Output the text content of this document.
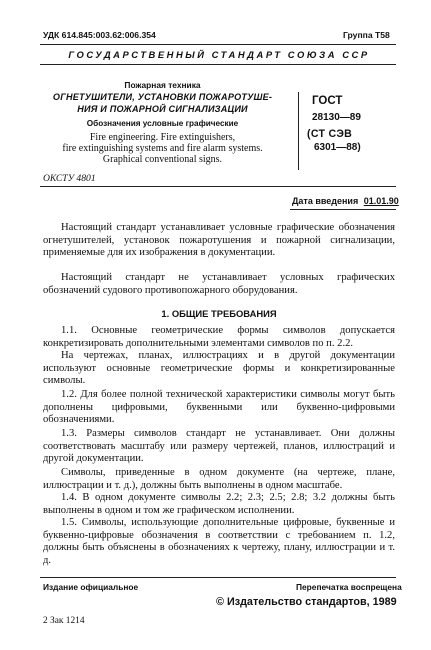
УДК 614.845:003.62:006.354	Группа Т58
ГОСУДАРСТВЕННЫЙ СТАНДАРТ СОЮЗА ССР
Пожарная техника
ОГНЕТУШИТЕЛИ, УСТАНОВКИ ПОЖАРОТУШЕ-
НИЯ И ПОЖАРНОЙ СИГНАЛИЗАЦИИ
Обозначения условные графические
Fire engineering. Fire extinguishers,
fire extinguishing systems and fire alarm systems.
Graphical conventional signs.
ГОСТ
28130—89
(СТ СЭВ
6301—88)
ОКСТУ 4801
Дата введения 01.01.90
Настоящий стандарт устанавливает условные графические обозначения огнетушителей, установок пожаротушения и пожарной сигнализации, применяемые для их изображения в документации.
Настоящий стандарт не устанавливает условных графических обозначений судового противопожарного оборудования.
1. ОБЩИЕ ТРЕБОВАНИЯ
1.1. Основные геометрические формы символов допускается конкретизировать дополнительными элементами символов по п. 2.2.
На чертежах, планах, иллюстрациях и в другой документации используют основные геометрические формы и конкретизированные символы.
1.2. Для более полной технической характеристики символы могут быть дополнены цифровыми, буквенными или буквенно-цифровыми обозначениями.
1.3. Размеры символов стандарт не устанавливает. Они должны соответствовать масштабу или размеру чертежей, планов, иллюстраций и другой документации.
Символы, приведенные в одном документе (на чертеже, плане, иллюстрации и т. д.), должны быть выполнены в одном масштабе.
1.4. В одном документе символы 2.2; 2.3; 2.5; 2.8; 3.2 должны быть выполнены в одном и том же графическом исполнении.
1.5. Символы, использующие дополнительные цифровые, буквенные и буквенно-цифровые обозначения в соответствии с требованием п. 1.2, должны быть объяснены в обозначениях к чертежу, плану, иллюстрации и т. д.
Издание официальное	Перепечатка воспрещена
© Издательство стандартов, 1989
2 Зак 1214
